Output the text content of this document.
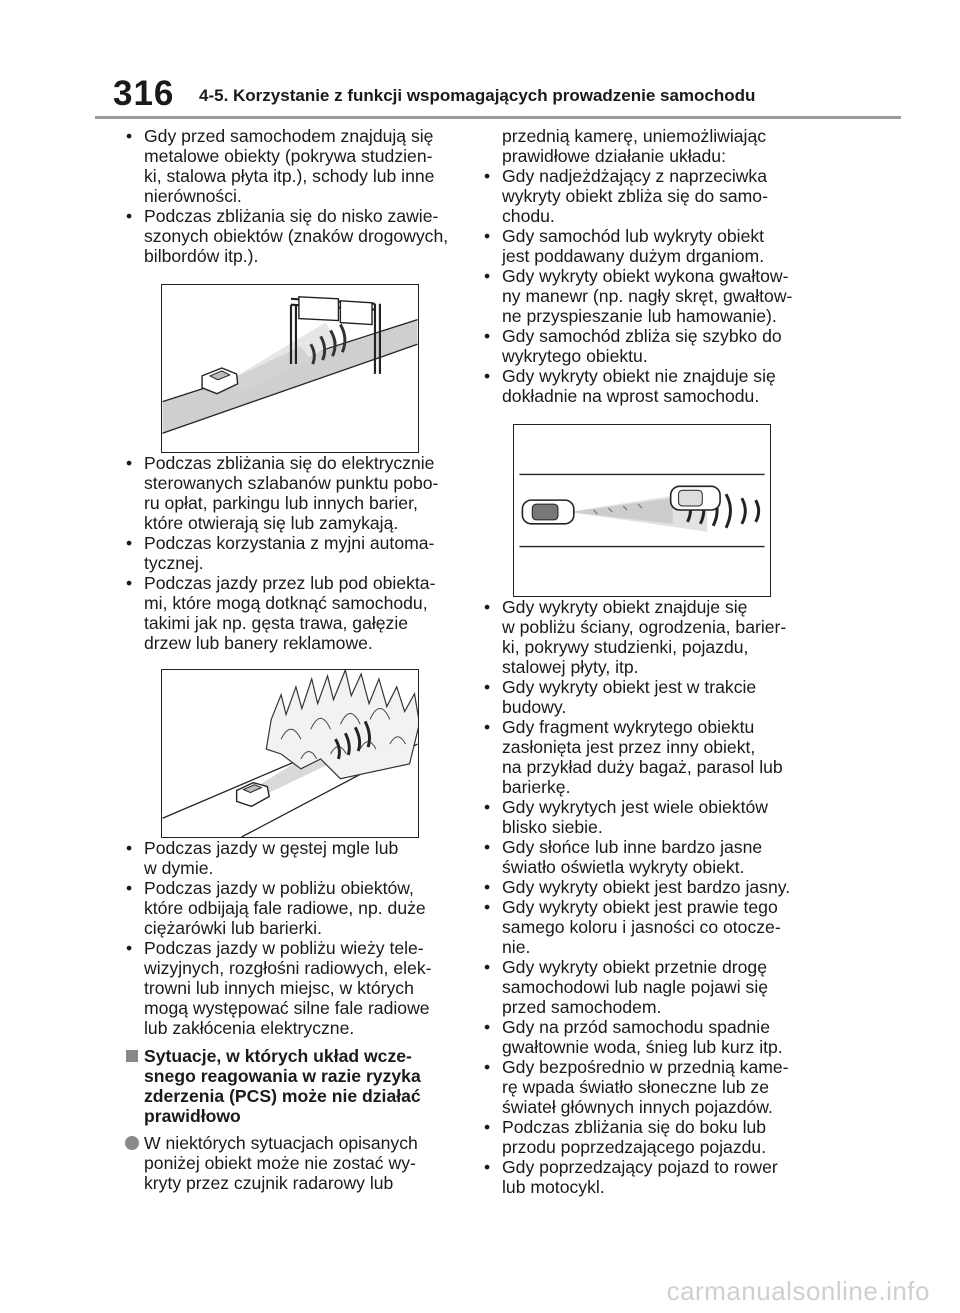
316 4-5. Korzystanie z funkcji wspomagających prowadzenie samochodu
• Gdy przed samochodem znajdują się
metalowe obiekty (pokrywa studzien-
ki, stalowa płyta itp.), schody lub inne
nierówności.
• Podczas zbliżania się do nisko zawie-
szonych obiektów (znaków drogowych,
bilbordów itp.).
• Podczas zbliżania się do elektrycznie
sterowanych szlabanów punktu pobo-
ru opłat, parkingu lub innych barier,
które otwierają się lub zamykają.
• Podczas korzystania z myjni automa-
tycznej.
• Podczas jazdy przez lub pod obiekta-
mi, które mogą dotknąć samochodu,
takimi jak np. gęsta trawa, gałęzie
drzew lub banery reklamowe.
• Podczas jazdy w gęstej mgle lub
w dymie.
• Podczas jazdy w pobliżu obiektów,
które odbijają fale radiowe, np. duże
ciężarówki lub barierki.
• Podczas jazdy w pobliżu wieży tele-
wizyjnych, rozgłośni radiowych, elek-
trowni lub innych miejsc, w których
mogą występować silne fale radiowe
lub zakłócenia elektryczne.
Sytuacje, w których układ wcze-
snego reagowania w razie ryzyka
zderzenia (PCS) może nie działać
prawidłowo
W niektórych sytuacjach opisanych
poniżej obiekt może nie zostać wy-
kryty przez czujnik radarowy lub
przednią kamerę, uniemożliwiając
prawidłowe działanie układu:
• Gdy nadjeżdżający z naprzeciwka
wykryty obiekt zbliża się do samo-
chodu.
• Gdy samochód lub wykryty obiekt
jest poddawany dużym drganiom.
• Gdy wykryty obiekt wykona gwałtow-
ny manewr (np. nagły skręt, gwałtow-
ne przyspieszanie lub hamowanie).
• Gdy samochód zbliża się szybko do
wykrytego obiektu.
• Gdy wykryty obiekt nie znajduje się
dokładnie na wprost samochodu.
• Gdy wykryty obiekt znajduje się
w pobliżu ściany, ogrodzenia, barier-
ki, pokrywy studzienki, pojazdu,
stalowej płyty, itp.
• Gdy wykryty obiekt jest w trakcie
budowy.
• Gdy fragment wykrytego obiektu
zasłonięta jest przez inny obiekt,
na przykład duży bagaż, parasol lub
barierkę.
• Gdy wykrytych jest wiele obiektów
blisko siebie.
• Gdy słońce lub inne bardzo jasne
światło oświetla wykryty obiekt.
• Gdy wykryty obiekt jest bardzo jasny.
• Gdy wykryty obiekt jest prawie tego
samego koloru i jasności co otocze-
nie.
• Gdy wykryty obiekt przetnie drogę
samochodowi lub nagle pojawi się
przed samochodem.
• Gdy na przód samochodu spadnie
gwałtownie woda, śnieg lub kurz itp.
• Gdy bezpośrednio w przednią kame-
rę wpada światło słoneczne lub ze
świateł głównych innych pojazdów.
• Podczas zbliżania się do boku lub
przodu poprzedzającego pojazdu.
• Gdy poprzedzający pojazd to rower
lub motocykl.
carmanualsonline.info
